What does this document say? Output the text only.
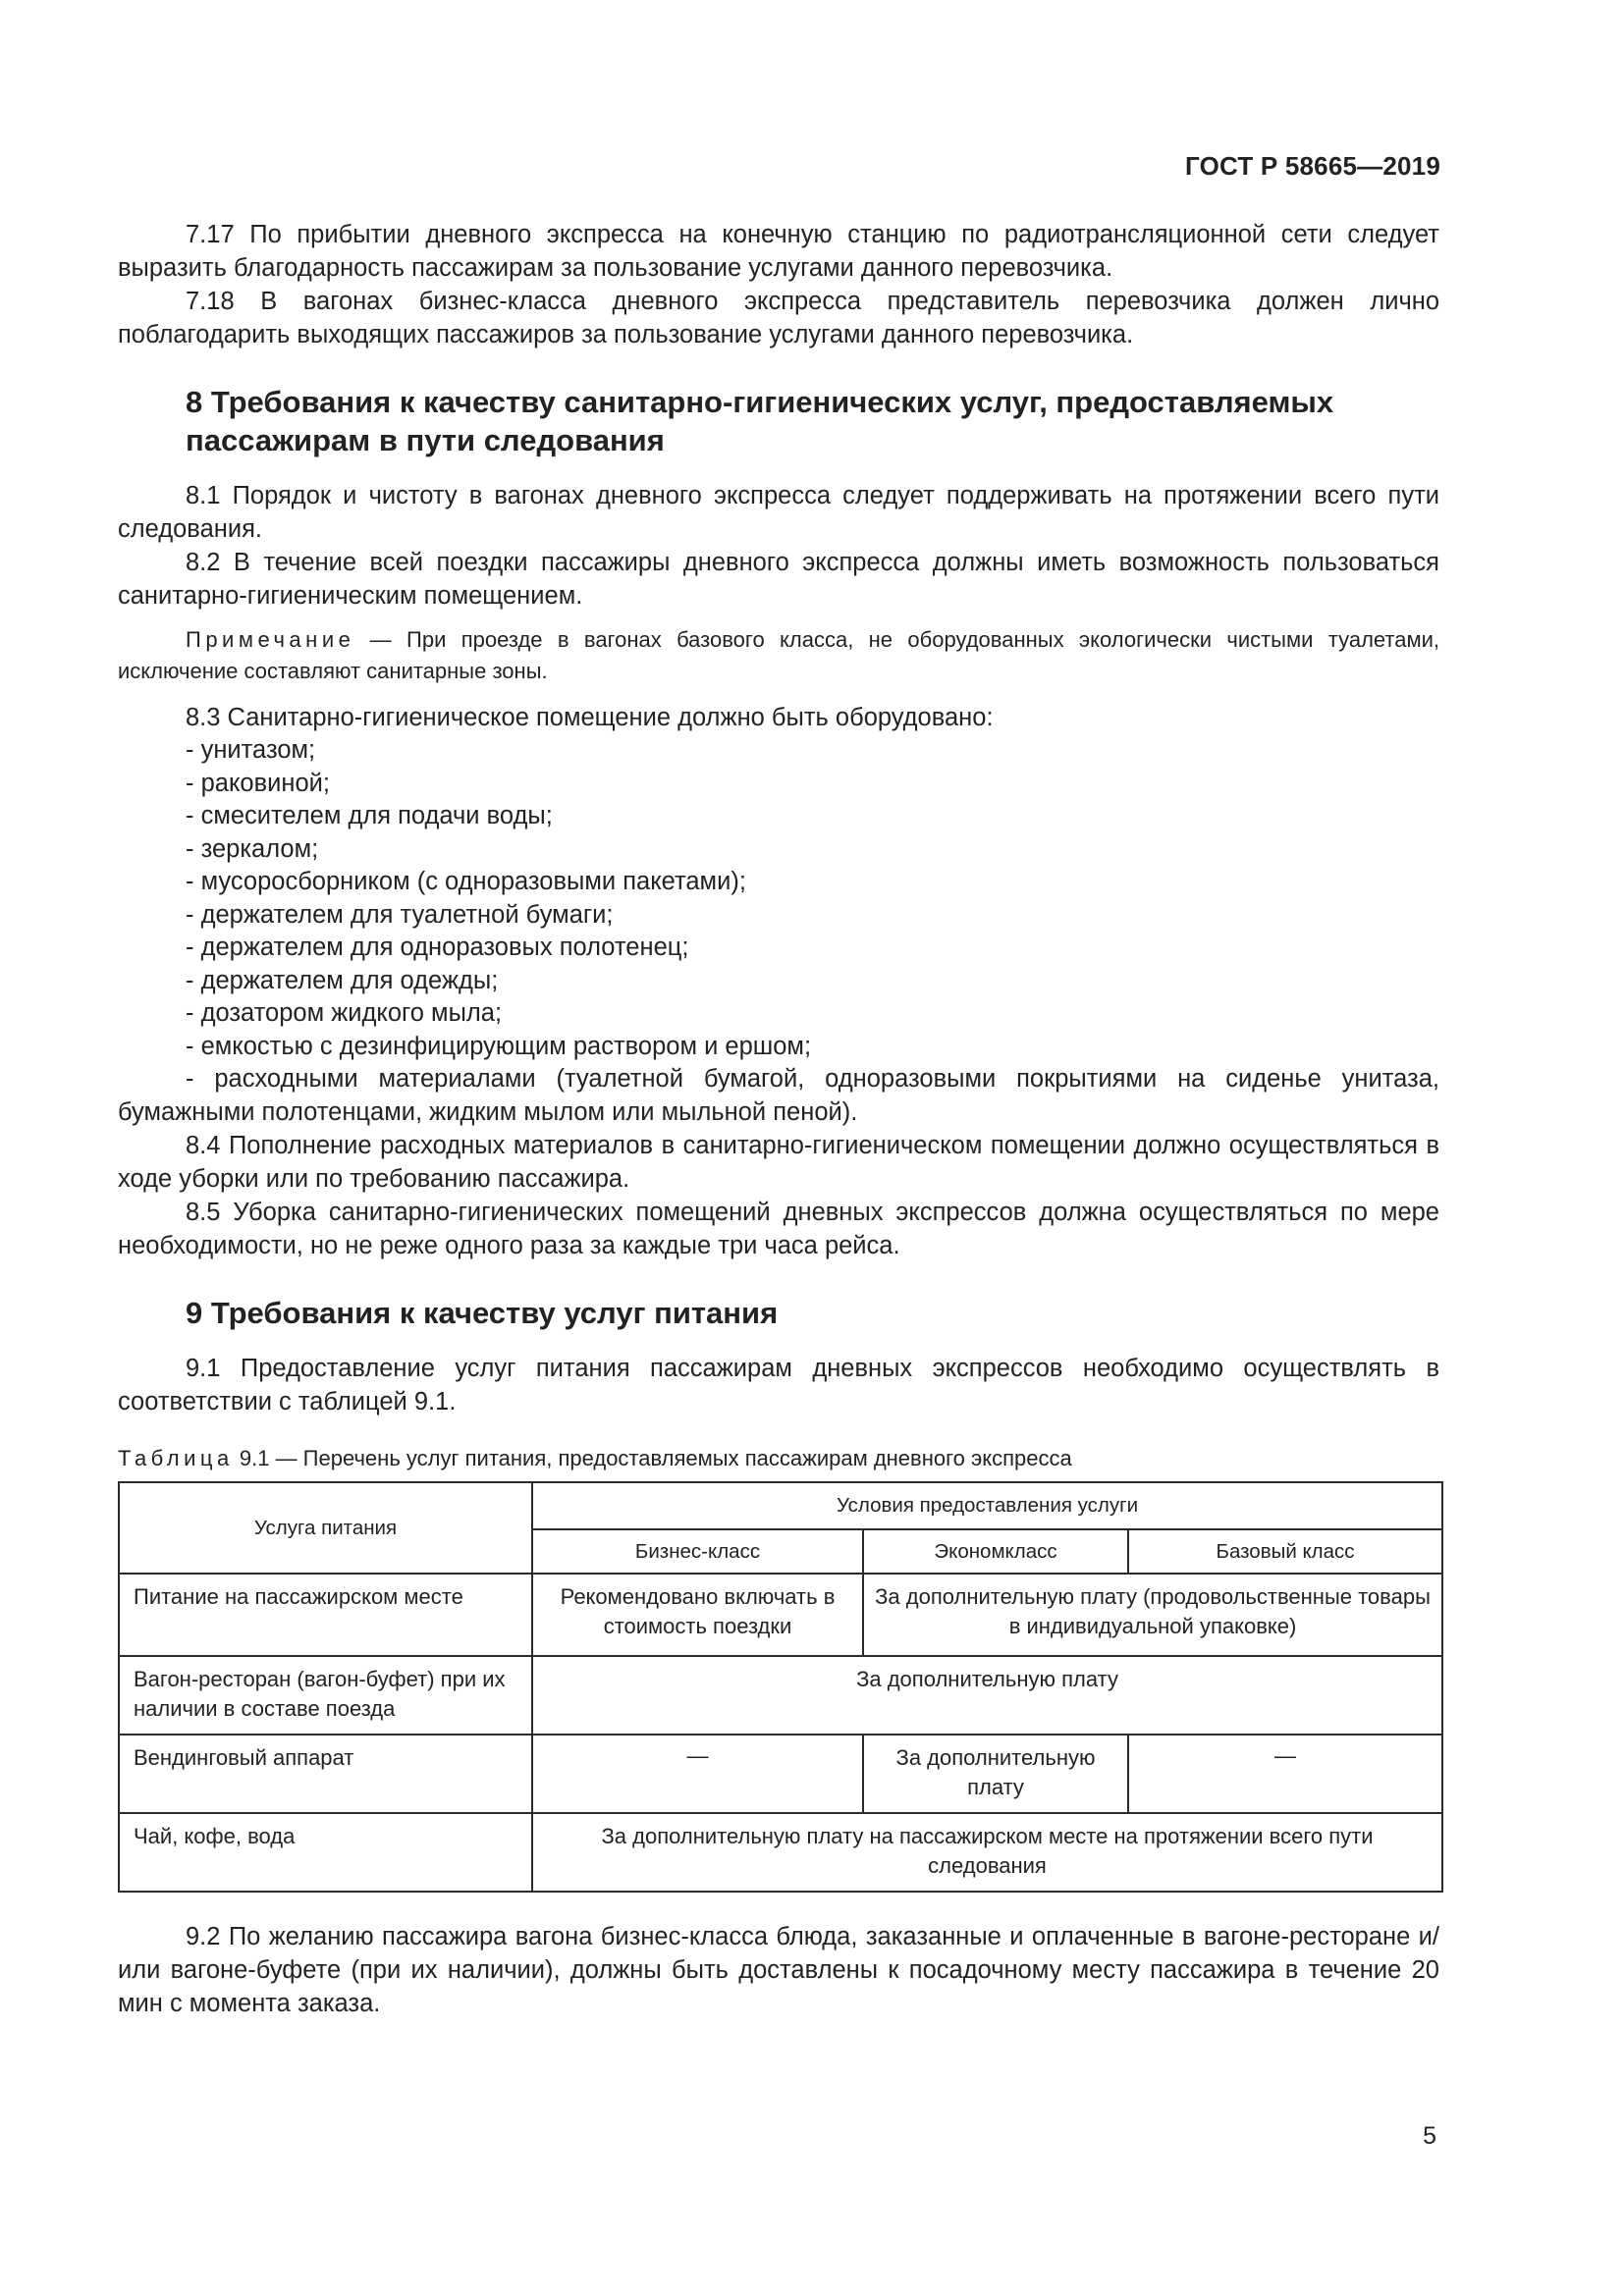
ГОСТ Р 58665—2019

7.17 По прибытии дневного экспресса на конечную станцию по радиотрансляционной сети следует выразить благодарность пассажирам за пользование услугами данного перевозчика.

7.18 В вагонах бизнес-класса дневного экспресса представитель перевозчика должен лично поблагодарить выходящих пассажиров за пользование услугами данного перевозчика.

8 Требования к качеству санитарно-гигиенических услуг, предоставляемых пассажирам в пути следования

8.1 Порядок и чистоту в вагонах дневного экспресса следует поддерживать на протяжении всего пути следования.

8.2 В течение всей поездки пассажиры дневного экспресса должны иметь возможность пользоваться санитарно-гигиеническим помещением.

Примечание — При проезде в вагонах базового класса, не оборудованных экологически чистыми туалетами, исключение составляют санитарные зоны.

8.3 Санитарно-гигиеническое помещение должно быть оборудовано:

- унитазом;
- раковиной;
- смесителем для подачи воды;
- зеркалом;
- мусоросборником (с одноразовыми пакетами);
- держателем для туалетной бумаги;
- держателем для одноразовых полотенец;
- держателем для одежды;
- дозатором жидкого мыла;
- емкостью с дезинфицирующим раствором и ершом;
- расходными материалами (туалетной бумагой, одноразовыми покрытиями на сиденье унитаза, бумажными полотенцами, жидким мылом или мыльной пеной).

8.4 Пополнение расходных материалов в санитарно-гигиеническом помещении должно осуществляться в ходе уборки или по требованию пассажира.

8.5 Уборка санитарно-гигиенических помещений дневных экспрессов должна осуществляться по мере необходимости, но не реже одного раза за каждые три часа рейса.

9 Требования к качеству услуг питания

9.1 Предоставление услуг питания пассажирам дневных экспрессов необходимо осуществлять в соответствии с таблицей 9.1.

Таблица 9.1 — Перечень услуг питания, предоставляемых пассажирам дневного экспресса

Услуга питания	Условия предоставления услуги		
	Бизнес-класс	Экономкласс	Базовый класс
Питание на пассажирском месте	Рекомендовано включать в стоимость поездки	За дополнительную плату (продовольственные товары в индивидуальной упаковке)	
Вагон-ресторан (вагон-буфет) при их наличии в составе поезда	За дополнительную плату		
Вендинговый аппарат	—	За дополнительную плату	—
Чай, кофе, вода	За дополнительную плату на пассажирском месте на протяжении всего пути следования		

9.2 По желанию пассажира вагона бизнес-класса блюда, заказанные и оплаченные в вагоне-ресторане и/или вагоне-буфете (при их наличии), должны быть доставлены к посадочному месту пассажира в течение 20 мин с момента заказа.

5
